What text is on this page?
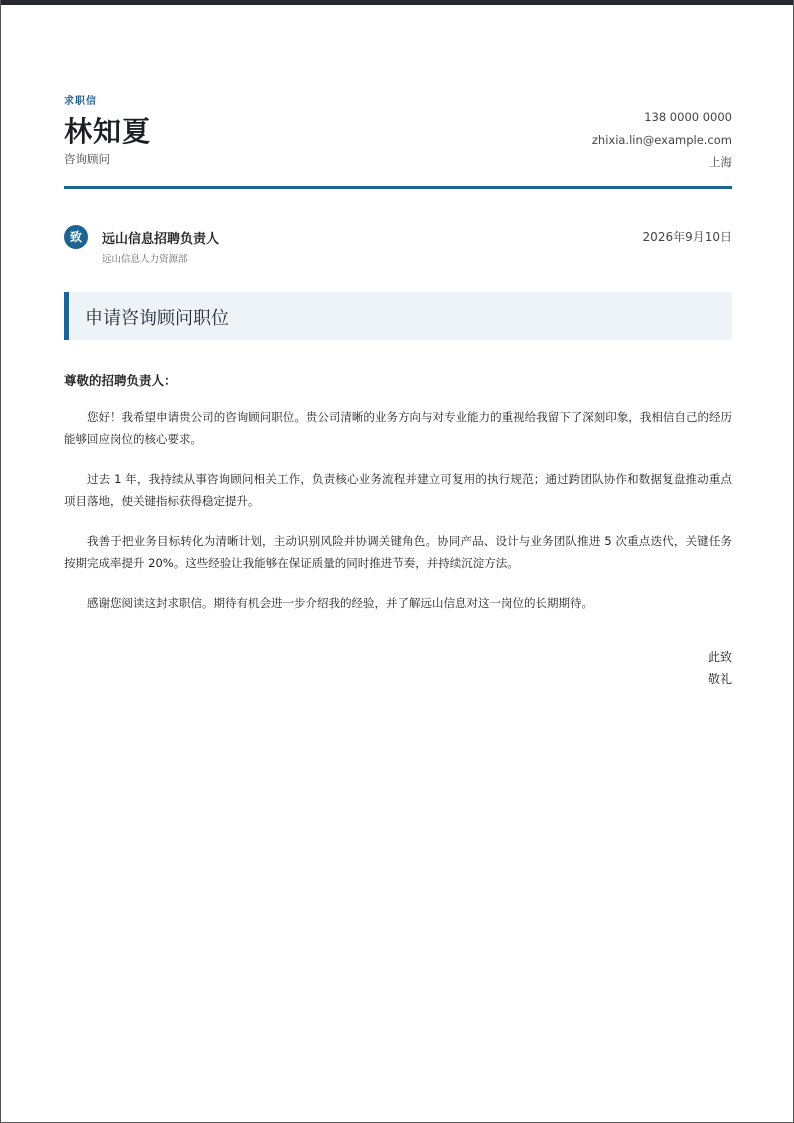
求职信
林知夏
咨询顾问
138 0000 0000
zhixia.lin@example.com
上海
致	远山信息招聘负责人
远山信息人力资源部
2026年9月10日
申请咨询顾问职位
尊敬的招聘负责人：

您好！我希望申请贵公司的咨询顾问职位。贵公司清晰的业务方向与对专业能力的重视给我留下了深刻印象，我相信自己的经历能够回应岗位的核心要求。

过去 1 年，我持续从事咨询顾问相关工作，负责核心业务流程并建立可复用的执行规范；通过跨团队协作和数据复盘推动重点项目落地，使关键指标获得稳定提升。

我善于把业务目标转化为清晰计划，主动识别风险并协调关键角色。协同产品、设计与业务团队推进 5 次重点迭代，关键任务按期完成率提升 20%。这些经验让我能够在保证质量的同时推进节奏，并持续沉淀方法。

感谢您阅读这封求职信。期待有机会进一步介绍我的经验，并了解远山信息对这一岗位的长期期待。

此致
敬礼
